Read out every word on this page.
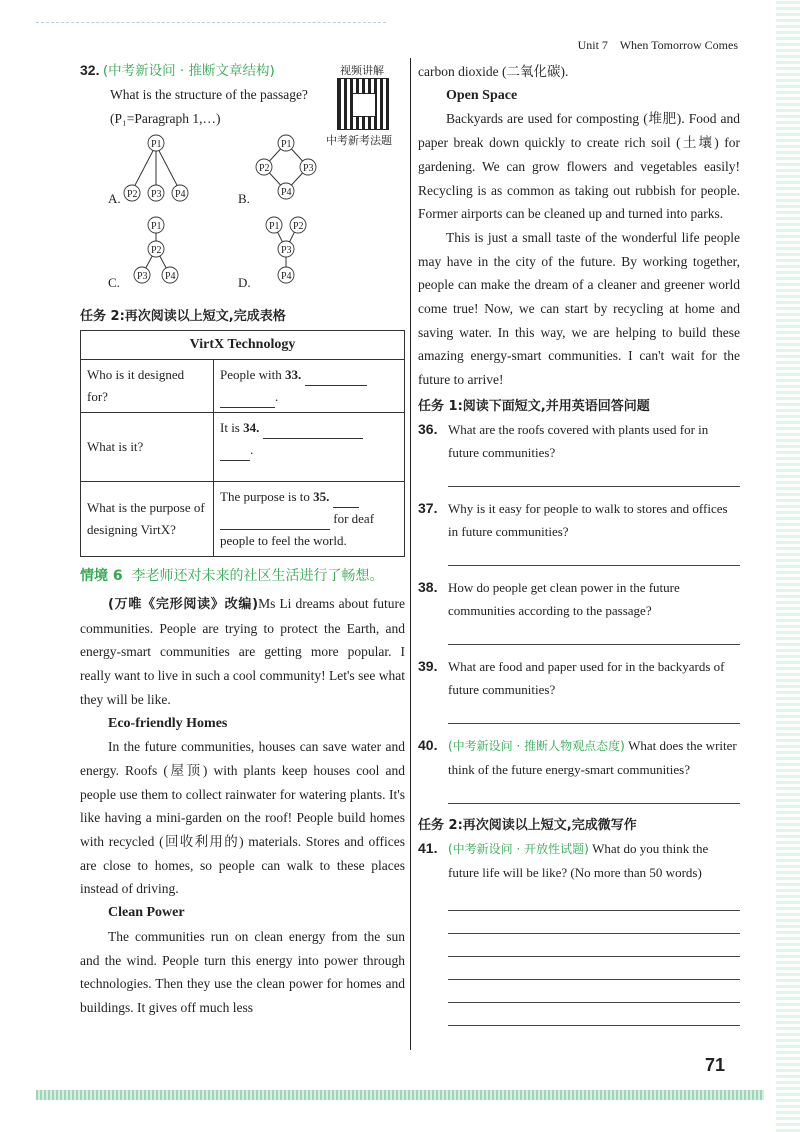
Unit 7 When Tomorrow Comes
视频讲解
中考新考法题
32. (中考新设问 · 推断文章结构)
What is the structure of the passage?
(P₁=Paragraph 1,…)
A.
P1
P2 P3 P4	B.
P1
P2	P3
P4
C.
P1
P2
P3 P4	D.
P1 P2
P3
P4
任务 2:再次阅读以上短文,完成表格
VirtX Technology	
Who is it designed for?	People with 33.
.
What is it?	It is 34.
.
What is the purpose of designing VirtX?	The purpose is to 35.
for deaf people to feel the world.
情境 6 李老师还对未来的社区生活进行了畅想。

(万唯《完形阅读》改编)Ms Li dreams about future communities. People are trying to protect the Earth, and energy-smart communities are getting more popular. I really want to live in such a cool community! Let's see what they will be like.

Eco-friendly Homes

In the future communities, houses can save water and energy. Roofs (屋顶) with plants keep houses cool and people use them to collect rainwater for watering plants. It's like having a mini-garden on the roof! People build homes with recycled (回收利用的) materials. Stores and offices are close to homes, so people can walk to these places instead of driving.

Clean Power

The communities run on clean energy from the sun and the wind. People turn this energy into power through technologies. Then they use the clean power for homes and buildings. It gives off much less

carbon dioxide (二氧化碳).

Open Space

Backyards are used for composting (堆肥). Food and paper break down quickly to create rich soil (土壤) for gardening. We can grow flowers and vegetables easily! Recycling is as common as taking out rubbish for people. Former airports can be cleaned up and turned into parks.

This is just a small taste of the wonderful life people may have in the city of the future. By working together, people can make the dream of a cleaner and greener world come true! Now, we can start by recycling at home and saving water. In this way, we are helping to build these amazing energy-smart communities. I can't wait for the future to arrive!

任务 1:阅读下面短文,并用英语回答问题
36. What are the roofs covered with plants used for in future communities?
37. Why is it easy for people to walk to stores and offices in future communities?
38. How do people get clean power in the future communities according to the passage?
39. What are food and paper used for in the backyards of future communities?
40. (中考新设问 · 推断人物观点态度) What does the writer think of the future energy-smart communities?
任务 2:再次阅读以上短文,完成微写作
41. (中考新设问 · 开放性试题) What do you think the future life will be like? (No more than 50 words)
71
